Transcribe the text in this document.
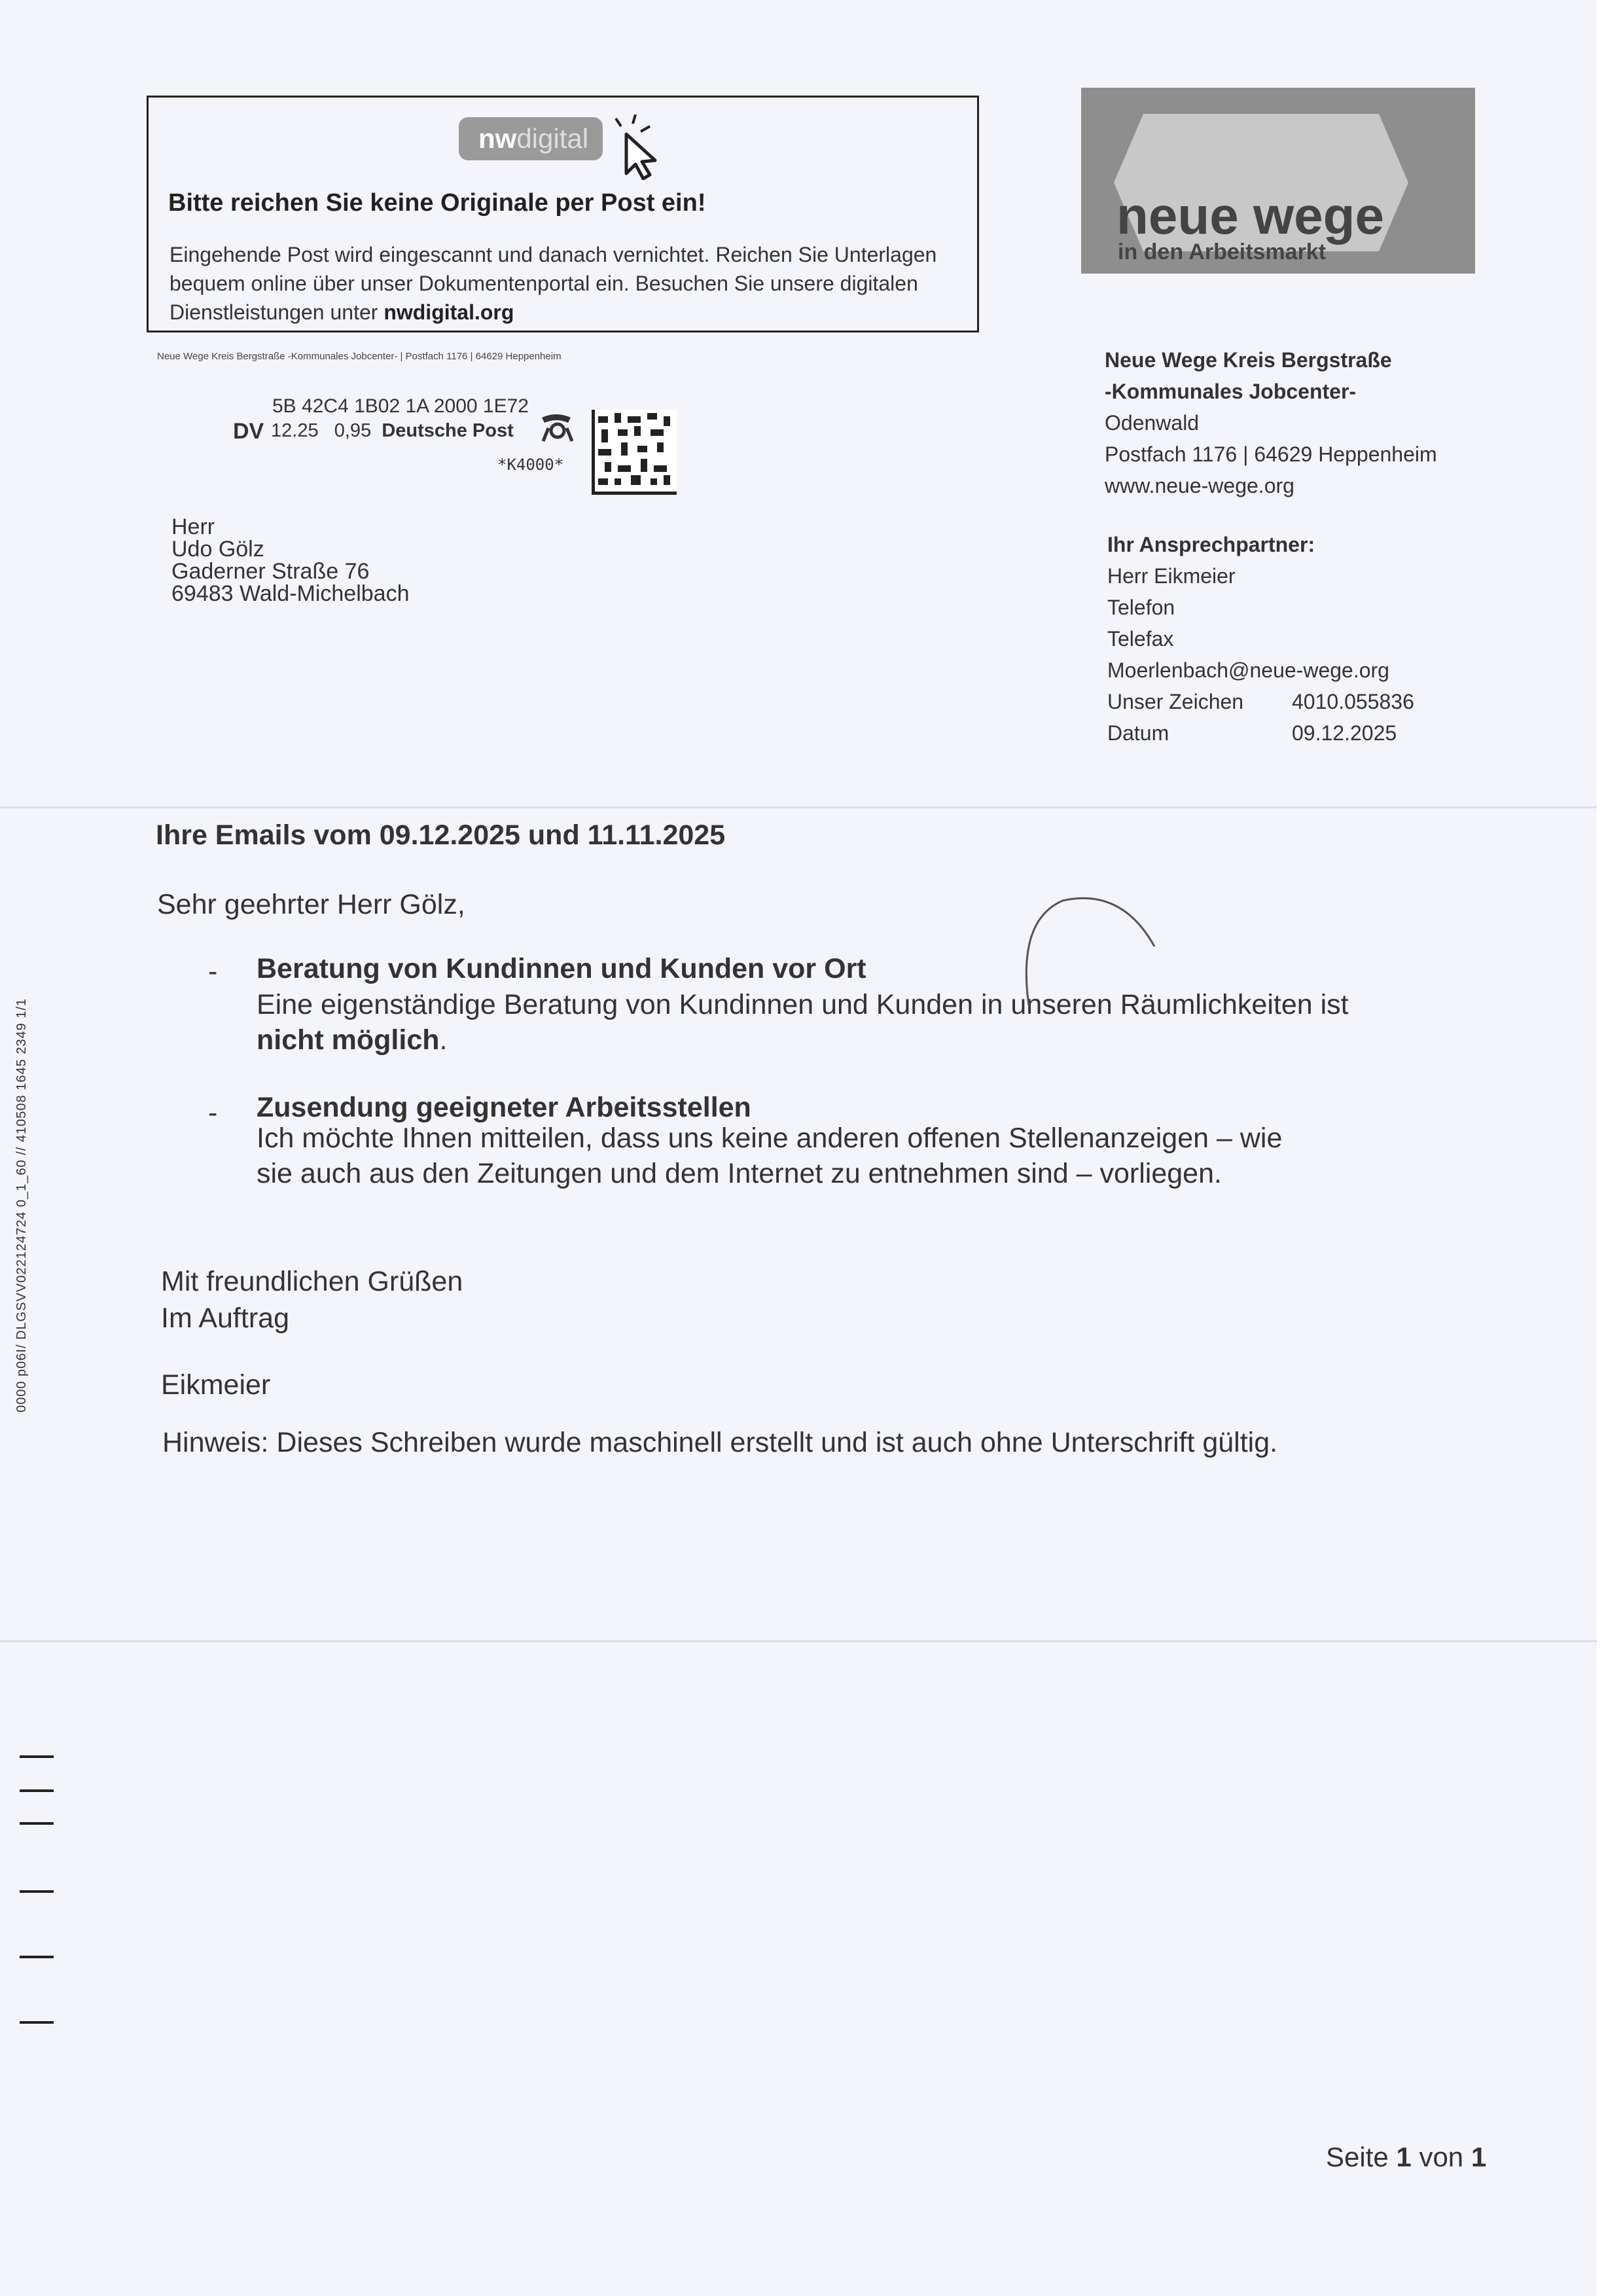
nwdigital
Bitte reichen Sie keine Originale per Post ein!
Eingehende Post wird eingescannt und danach vernichtet. Reichen Sie Unterlagen bequem online über unser Dokumentenportal ein. Besuchen Sie unsere digitalen Dienstleistungen unter nwdigital.org
neue wege
in den Arbeitsmarkt
Neue Wege Kreis Bergstraße -Kommunales Jobcenter- | Postfach 1176 | 64629 Heppenheim
5B 42C4 1B02 1A 2000 1E72
DV 12.25 0,95 Deutsche Post
*K4000*
Herr
Udo Gölz
Gaderner Straße 76
69483 Wald-Michelbach
Neue Wege Kreis Bergstraße
-Kommunales Jobcenter-
Odenwald
Postfach 1176 | 64629 Heppenheim
www.neue-wege.org
Ihr Ansprechpartner:
Herr Eikmeier
Telefon
Telefax
Moerlenbach@neue-wege.org
Unser Zeichen 4010.055836
Datum	09.12.2025
Ihre Emails vom 09.12.2025 und 11.11.2025
Sehr geehrter Herr Gölz,
- Beratung von Kundinnen und Kunden vor Ort
Eine eigenständige Beratung von Kundinnen und Kunden in unseren Räumlichkeiten ist
nicht möglich.
- Zusendung geeigneter Arbeitsstellen
Ich möchte Ihnen mitteilen, dass uns keine anderen offenen Stellenanzeigen – wie
sie auch aus den Zeitungen und dem Internet zu entnehmen sind – vorliegen.
Mit freundlichen Grüßen
Im Auftrag
Eikmeier
Hinweis: Dieses Schreiben wurde maschinell erstellt und ist auch ohne Unterschrift gültig.
0000 p06I/ DLGSVV022124724 0_1_60 // 410508 1645 2349 1/1
Seite 1 von 1
